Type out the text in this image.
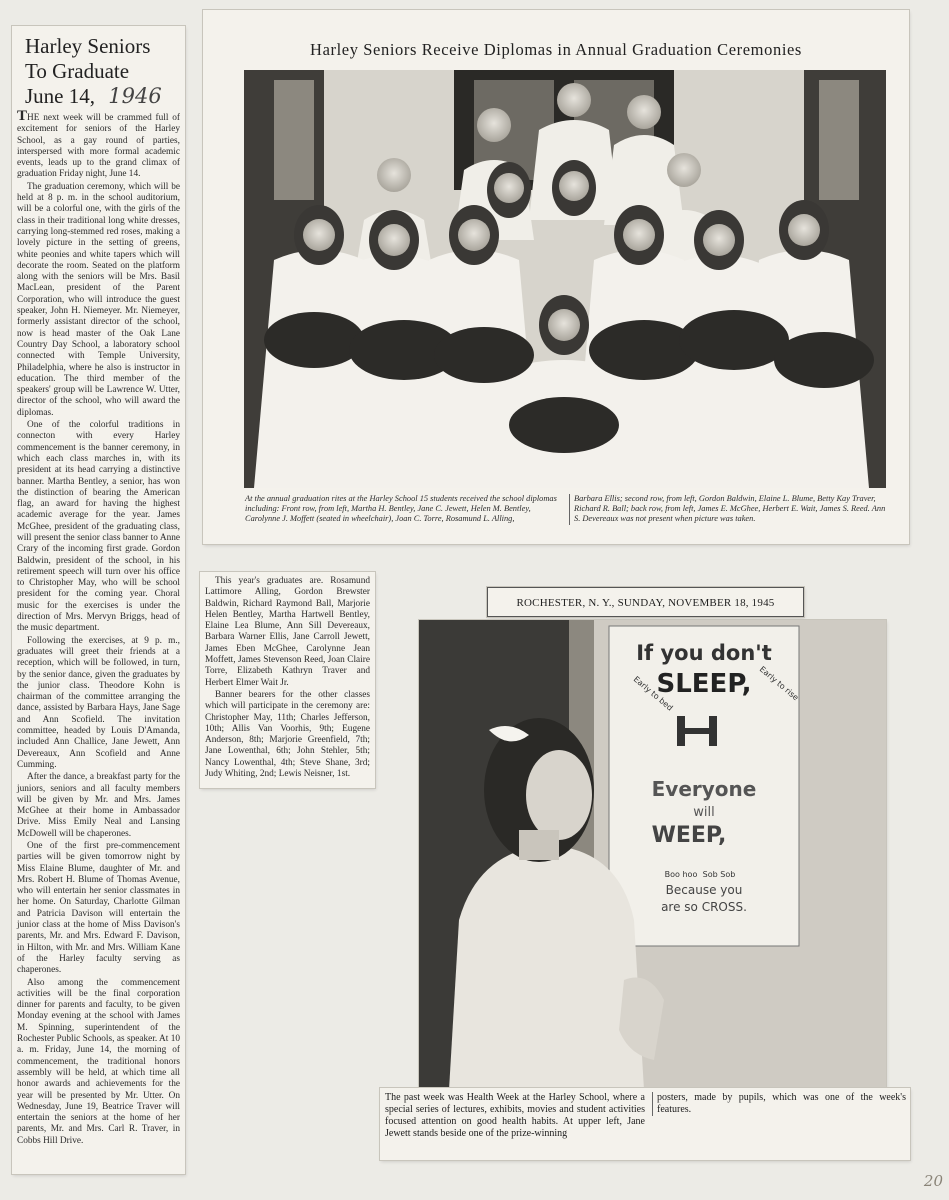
Harley Seniors
To Graduate
June 14, 1946

THE next week will be crammed full of excitement for seniors of the Harley School, as a gay round of parties, interspersed with more formal academic events, leads up to the grand climax of graduation Friday night, June 14.

The graduation ceremony, which will be held at 8 p. m. in the school auditorium, will be a colorful one, with the girls of the class in their traditional long white dresses, carrying long-stemmed red roses, making a lovely picture in the setting of greens, white peonies and white tapers which will decorate the room. Seated on the platform along with the seniors will be Mrs. Basil MacLean, president of the Parent Corporation, who will introduce the guest speaker, John H. Niemeyer. Mr. Niemeyer, formerly assistant director of the school, now is head master of the Oak Lane Country Day School, a laboratory school connected with Temple University, Philadelphia, where he also is instructor in education. The third member of the speakers' group will be Lawrence W. Utter, director of the school, who will award the diplomas.

One of the colorful traditions in connecton with every Harley commencement is the banner ceremony, in which each class marches in, with its president at its head carrying a distinctive banner. Martha Bentley, a senior, has won the distinction of bearing the American flag, an award for having the highest academic average for the year. James McGhee, president of the graduating class, will present the senior class banner to Anne Crary of the incoming first grade. Gordon Baldwin, president of the school, in his retirement speech will turn over his office to Christopher May, who will be school president for the coming year. Choral music for the exercises is under the direction of Mrs. Mervyn Briggs, head of the music department.

Following the exercises, at 9 p. m., graduates will greet their friends at a reception, which will be followed, in turn, by the senior dance, given the graduates by the junior class. Theodore Kohn is chairman of the committee arranging the dance, assisted by Barbara Hays, Jane Sage and Ann Scofield. The invitation committee, headed by Louis D'Amanda, included Ann Challice, Jane Jewett, Ann Devereaux, Ann Scofield and Anne Cumming.

After the dance, a breakfast party for the juniors, seniors and all faculty members will be given by Mr. and Mrs. James McGhee at their home in Ambassador Drive. Miss Emily Neal and Lansing McDowell will be chaperones.

One of the first pre-commencement parties will be given tomorrow night by Miss Elaine Blume, daughter of Mr. and Mrs. Robert H. Blume of Thomas Avenue, who will entertain her senior classmates in her home. On Saturday, Charlotte Gilman and Patricia Davison will entertain the junior class at the home of Miss Davison's parents, Mr. and Mrs. Edward F. Davison, in Hilton, with Mr. and Mrs. William Kane of the Harley faculty serving as chaperones.

Also among the commencement activities will be the final corporation dinner for parents and faculty, to be given Monday evening at the school with James M. Spinning, superintendent of the Rochester Public Schools, as speaker. At 10 a. m. Friday, June 14, the morning of commencement, the traditional honors assembly will be held, at which time all honor awards and achievements for the year will be presented by Mr. Utter. On Wednesday, June 19, Beatrice Traver will entertain the seniors at the home of her parents, Mr. and Mrs. Carl R. Traver, in Cobbs Hill Drive.

Harley Seniors Receive Diplomas in Annual Graduation Ceremonies
At the annual graduation rites at the Harley School 15 students received the school diplomas including: Front row, from left, Martha H. Bentley, Jane C. Jewett, Helen M. Bentley, Carolynne J. Moffett (seated in wheelchair), Joan C. Torre, Rosamund L. Alling,
Barbara Ellis; second row, from left, Gordon Baldwin, Elaine L. Blume, Betty Kay Traver, Richard R. Ball; back row, from left, James E. McGhee, Herbert E. Wait, James S. Reed. Ann S. Devereaux was not present when picture was taken.

This year's graduates are. Rosamund Lattimore Alling, Gordon Brewster Baldwin, Richard Raymond Ball, Marjorie Helen Bentley, Martha Hartwell Bentley, Elaine Lea Blume, Ann Sill Devereaux, Barbara Warner Ellis, Jane Carroll Jewett, James Eben McGhee, Carolynne Jean Moffett, James Stevenson Reed, Joan Claire Torre, Elizabeth Kathryn Traver and Herbert Elmer Wait Jr.

Banner bearers for the other classes which will participate in the ceremony are: Christopher May, 11th; Charles Jefferson, 10th; Allis Van Voorhis, 9th; Eugene Anderson, 8th; Marjorie Greenfield, 7th; Jane Lowenthal, 6th; John Stehler, 5th; Nancy Lowenthal, 4th; Steve Shane, 3rd; Judy Whiting, 2nd; Lewis Neisner, 1st.

ROCHESTER, N. Y., SUNDAY, NOVEMBER 18, 1945
If you don't
SLEEP,
Early to bed	Early to rise
Everyone
will
WEEP,
Boo hoo Sob Sob
Because you
are so CROSS.
The past week was Health Week at the Harley School, where a special series of lectures, exhibits, movies and student activities focused attention on good health habits. At upper left, Jane Jewett stands beside one of the prize-winning
posters, made by pupils, which was one of the week's features.
20
